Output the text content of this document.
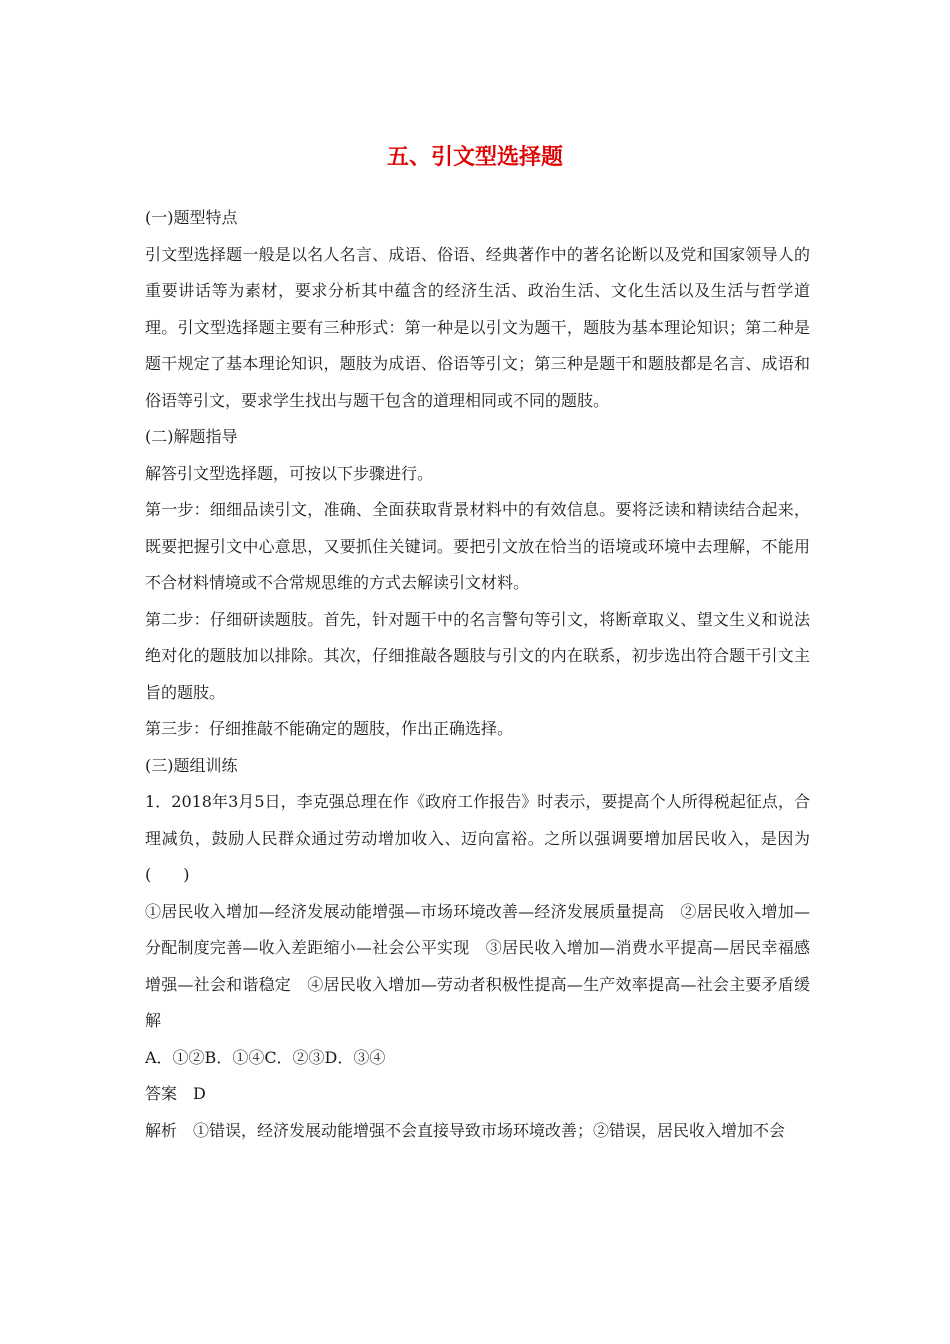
五、引文型选择题

(一)题型特点

引文型选择题一般是以名人名言、成语、俗语、经典著作中的著名论断以及党和国家领导人的重要讲话等为素材，要求分析其中蕴含的经济生活、政治生活、文化生活以及生活与哲学道理。引文型选择题主要有三种形式：第一种是以引文为题干，题肢为基本理论知识；第二种是题干规定了基本理论知识，题肢为成语、俗语等引文；第三种是题干和题肢都是名言、成语和俗语等引文，要求学生找出与题干包含的道理相同或不同的题肢。

(二)解题指导

解答引文型选择题，可按以下步骤进行。

第一步：细细品读引文，准确、全面获取背景材料中的有效信息。要将泛读和精读结合起来，既要把握引文中心意思，又要抓住关键词。要把引文放在恰当的语境或环境中去理解，不能用不合材料情境或不合常规思维的方式去解读引文材料。

第二步：仔细研读题肢。首先，针对题干中的名言警句等引文，将断章取义、望文生义和说法绝对化的题肢加以排除。其次，仔细推敲各题肢与引文的内在联系，初步选出符合题干引文主旨的题肢。

第三步：仔细推敲不能确定的题肢，作出正确选择。

(三)题组训练

1．2018年3月5日，李克强总理在作《政府工作报告》时表示，要提高个人所得税起征点，合理减负，鼓励人民群众通过劳动增加收入、迈向富裕。之所以强调要增加居民收入，是因为(　　)

①居民收入增加—经济发展动能增强—市场环境改善—经济发展质量提高　②居民收入增加—分配制度完善—收入差距缩小—社会公平实现　③居民收入增加—消费水平提高—居民幸福感增强—社会和谐稳定　④居民收入增加—劳动者积极性提高—生产效率提高—社会主要矛盾缓解

A．①②B．①④C．②③D．③④

答案　D

解析　①错误，经济发展动能增强不会直接导致市场环境改善；②错误，居民收入增加不会
